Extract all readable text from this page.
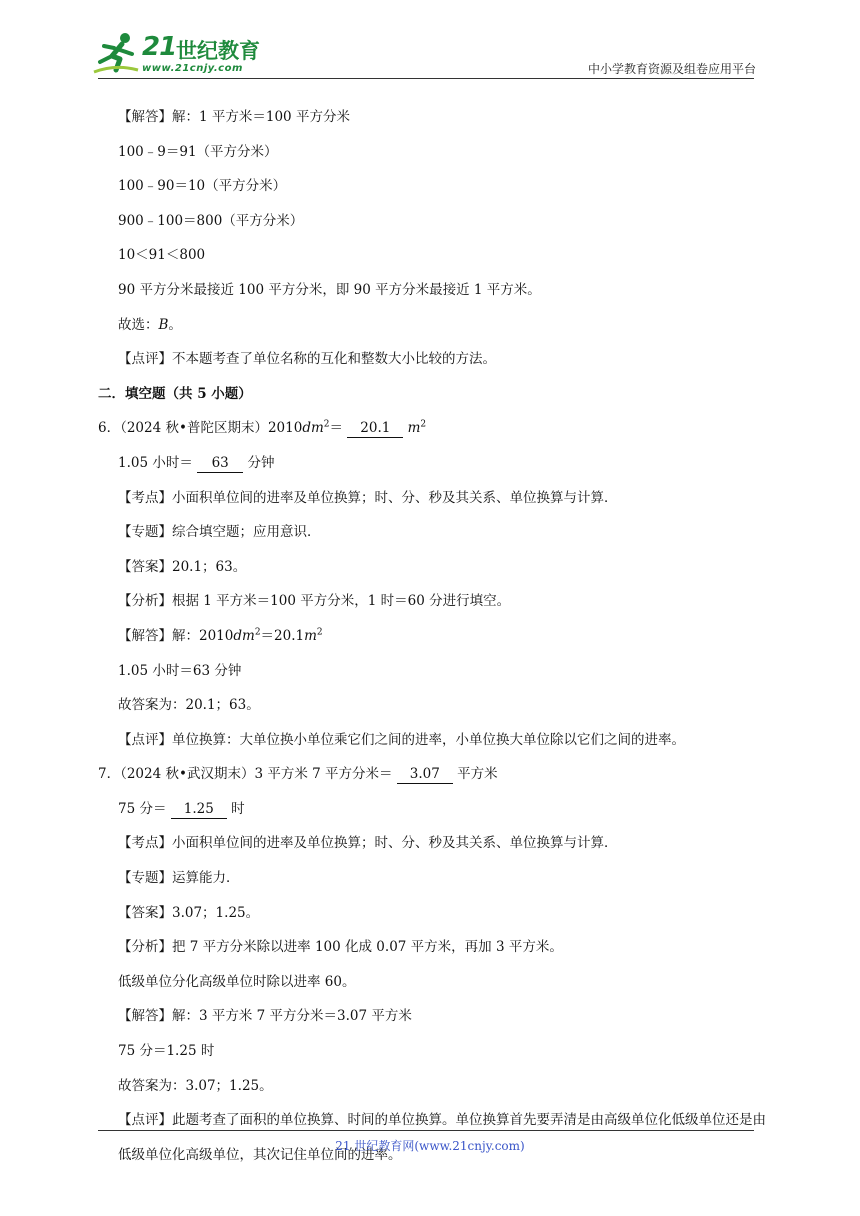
21 世纪教育
www.21cnjy.com	中小学教育资源及组卷应用平台
【解答】解：1 平方米＝100 平方分米
100﹣9＝91（平方分米）
100﹣90＝10（平方分米）
900﹣100＝800（平方分米）
10＜91＜800
90 平方分米最接近 100 平方分米，即 90 平方分米最接近 1 平方米。
故选：B。
【点评】不本题考查了单位名称的互化和整数大小比较的方法。
二．填空题（共 5 小题）
6．（2024 秋•普陀区期末）$2010dm^2= 20.1$ $m^2$
1.05 小时＝ 63 分钟
【考点】小面积单位间的进率及单位换算；时、分、秒及其关系、单位换算与计算．
【专题】综合填空题；应用意识．
【答案】20.1；63。
【分析】根据 1 平方米＝100 平方分米，1 时＝60 分进行填空。
【解答】解：$2010dm^2=20.1m^2$
1.05 小时＝63 分钟
故答案为：20.1；63。
【点评】单位换算：大单位换小单位乘它们之间的进率，小单位换大单位除以它们之间的进率。
7．（2024 秋•武汉期末）3 平方米 7 平方分米＝ 3.07 平方米
75 分＝ 1.25 时
【考点】小面积单位间的进率及单位换算；时、分、秒及其关系、单位换算与计算．
【专题】运算能力．
【答案】3.07；1.25。
【分析】把 7 平方分米除以进率 100 化成 0.07 平方米，再加 3 平方米。
低级单位分化高级单位时除以进率 60。
【解答】解：3 平方米 7 平方分米＝3.07 平方米
75 分＝1.25 时
故答案为：3.07；1.25。
【点评】此题考查了面积的单位换算、时间的单位换算。单位换算首先要弄清是由高级单位化低级单位还是由低级单位化高级单位，其次记住单位间的进率。
21 世纪教育网(www.21cnjy.com)
